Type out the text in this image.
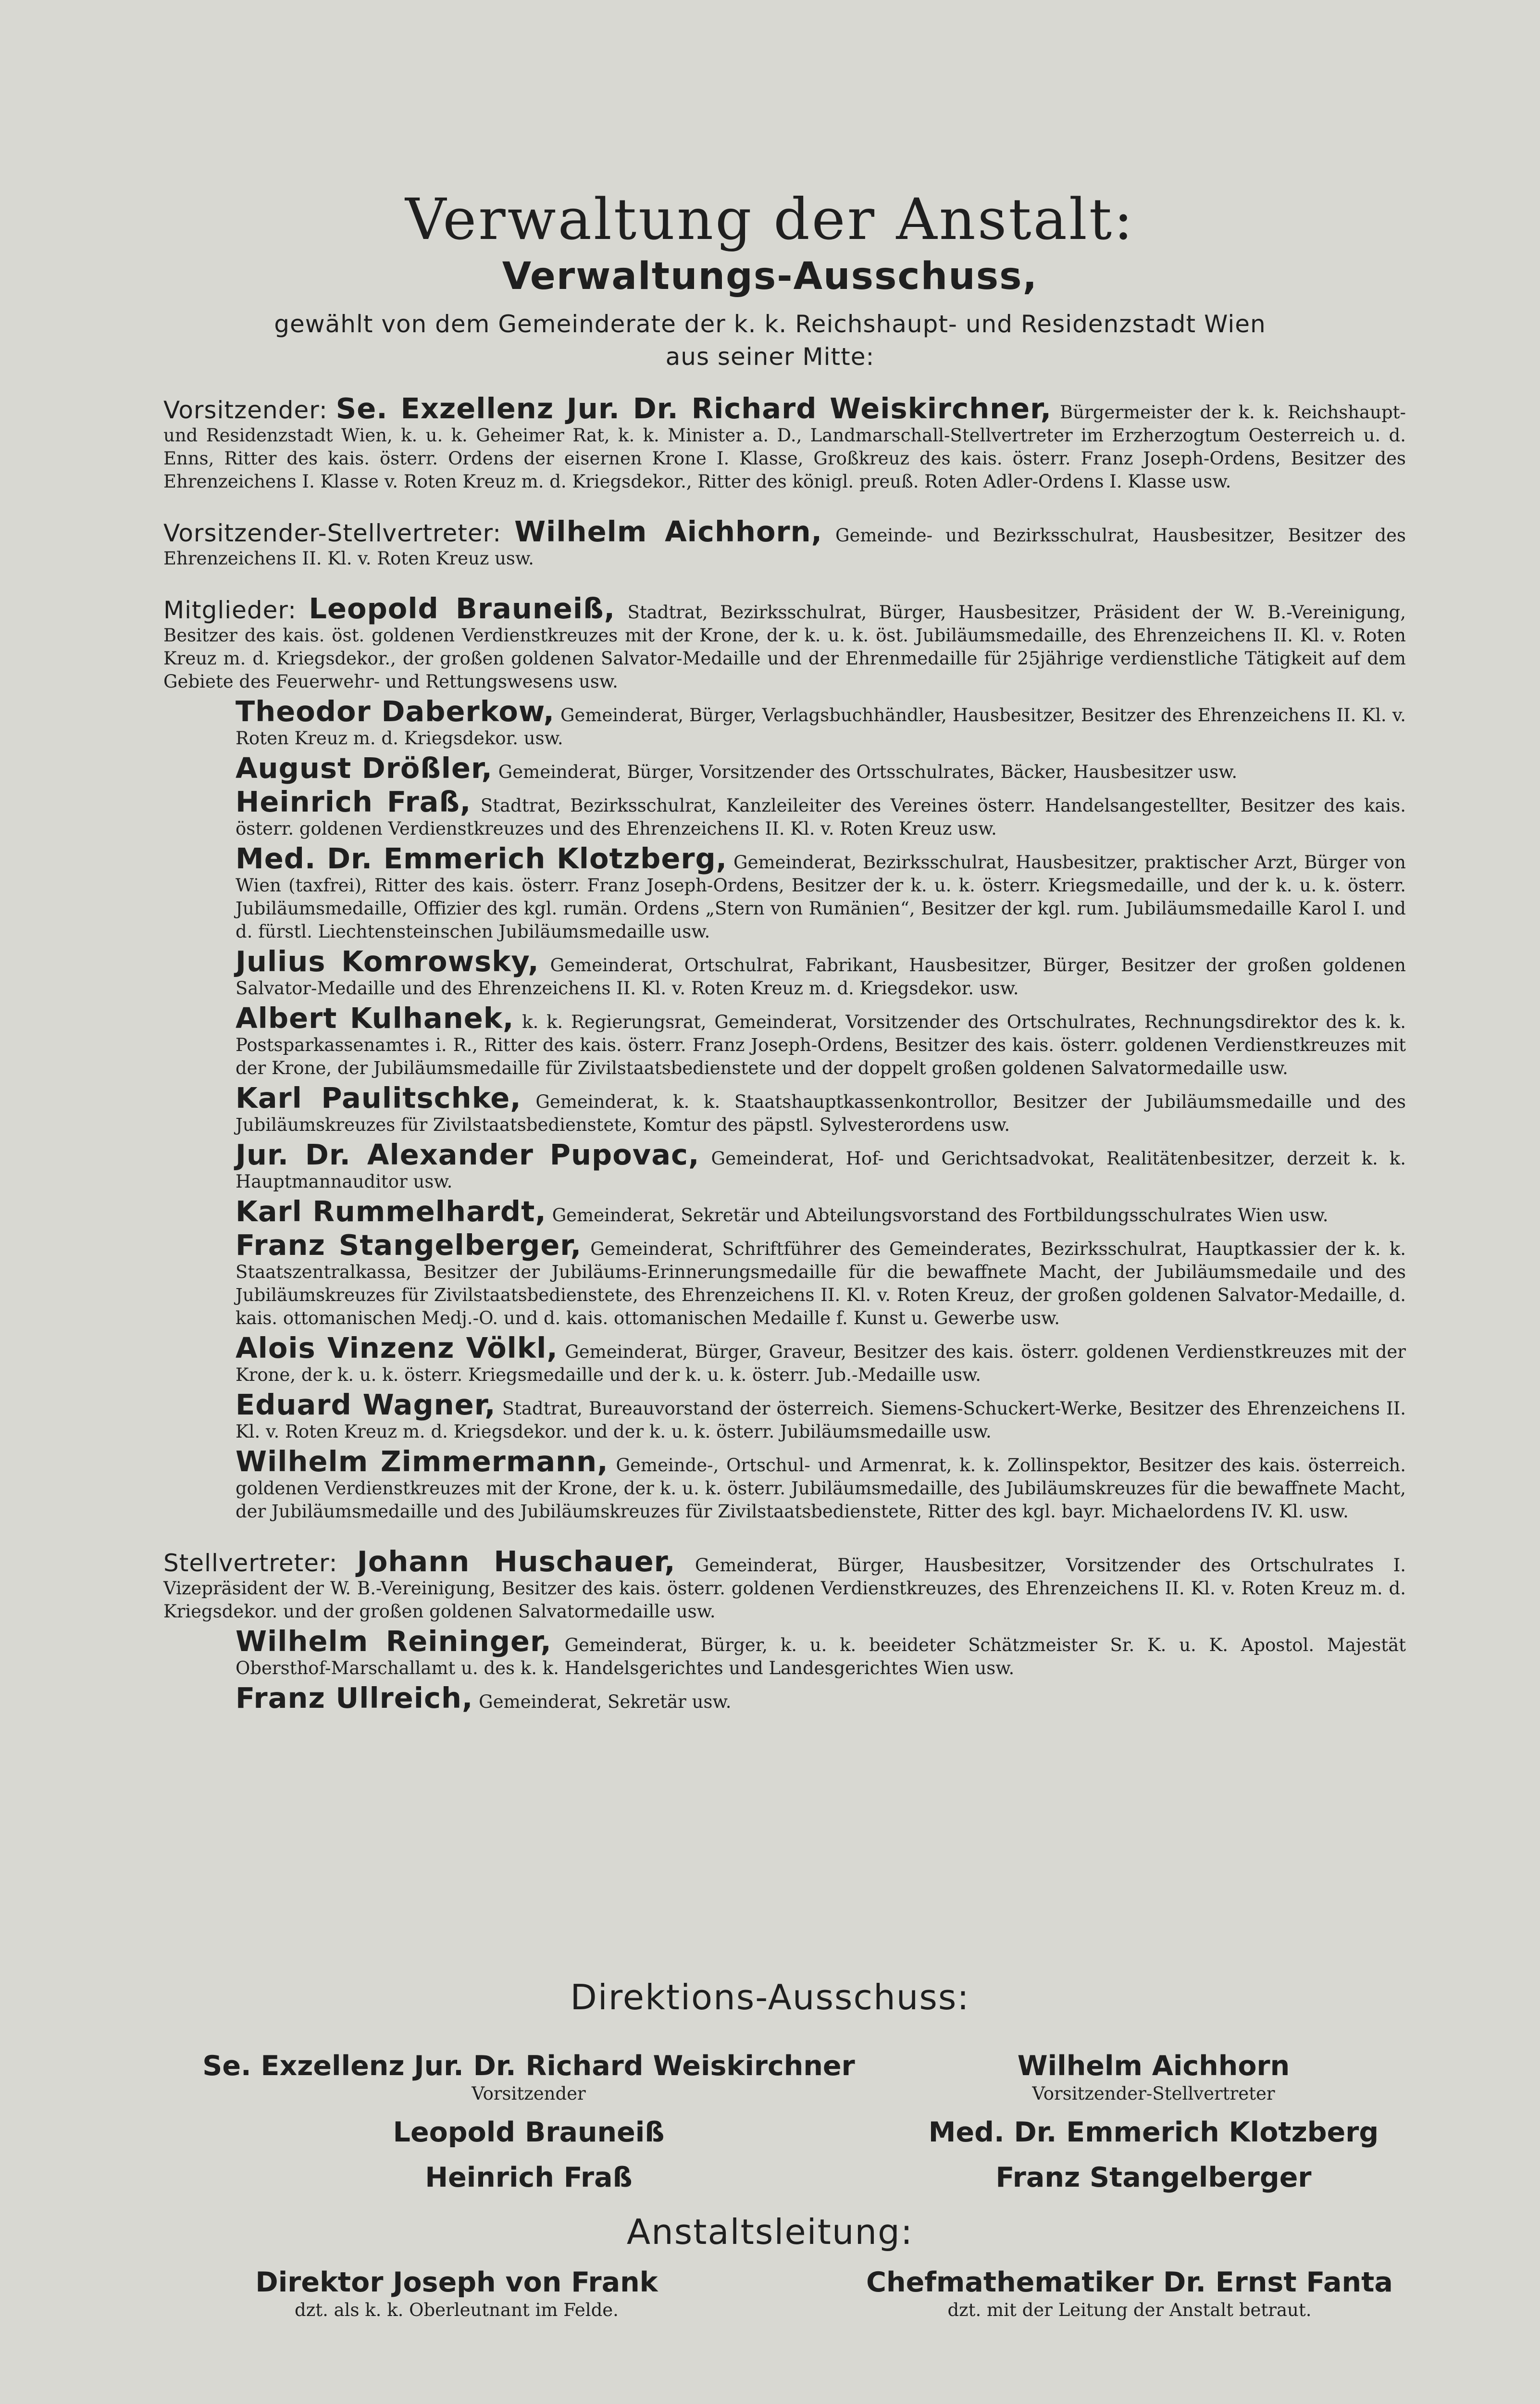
Verwaltung der Anstalt:
Verwaltungs-Ausschuss,
gewählt von dem Gemeinderate der k. k. Reichshaupt- und Residenzstadt Wien
aus seiner Mitte:

Vorsitzender: Se. Exzellenz Jur. Dr. Richard Weiskirchner, Bürgermeister der k. k. Reichshaupt- und Residenzstadt Wien, k. u. k. Geheimer Rat, k. k. Minister a. D., Landmarschall-Stellvertreter im Erzherzogtum Oesterreich u. d. Enns, Ritter des kais. österr. Ordens der eisernen Krone I. Klasse, Großkreuz des kais. österr. Franz Joseph-Ordens, Besitzer des Ehrenzeichens I. Klasse v. Roten Kreuz m. d. Kriegsdekor., Ritter des königl. preuß. Roten Adler-Ordens I. Klasse usw.

Vorsitzender-Stellvertreter: Wilhelm Aichhorn, Gemeinde- und Bezirksschulrat, Hausbesitzer, Besitzer des Ehrenzeichens II. Kl. v. Roten Kreuz usw.

Mitglieder: Leopold Brauneiß, Stadtrat, Bezirksschulrat, Bürger, Hausbesitzer, Präsident der W. B.-Vereinigung, Besitzer des kais. öst. goldenen Verdienstkreuzes mit der Krone, der k. u. k. öst. Jubiläumsmedaille, des Ehrenzeichens II. Kl. v. Roten Kreuz m. d. Kriegsdekor., der großen goldenen Salvator-Medaille und der Ehrenmedaille für 25jährige verdienstliche Tätigkeit auf dem Gebiete des Feuerwehr- und Rettungswesens usw.

Theodor Daberkow, Gemeinderat, Bürger, Verlagsbuchhändler, Hausbesitzer, Besitzer des Ehrenzeichens II. Kl. v. Roten Kreuz m. d. Kriegsdekor. usw.

August Drößler, Gemeinderat, Bürger, Vorsitzender des Ortsschulrates, Bäcker, Hausbesitzer usw.

Heinrich Fraß, Stadtrat, Bezirksschulrat, Kanzleileiter des Vereines österr. Handelsangestellter, Besitzer des kais. österr. goldenen Verdienstkreuzes und des Ehrenzeichens II. Kl. v. Roten Kreuz usw.

Med. Dr. Emmerich Klotzberg, Gemeinderat, Bezirksschulrat, Hausbesitzer, praktischer Arzt, Bürger von Wien (taxfrei), Ritter des kais. österr. Franz Joseph-Ordens, Besitzer der k. u. k. österr. Kriegsmedaille, und der k. u. k. österr. Jubiläumsmedaille, Offizier des kgl. rumän. Ordens „Stern von Rumänien“, Besitzer der kgl. rum. Jubiläumsmedaille Karol I. und d. fürstl. Liechtensteinschen Jubiläumsmedaille usw.

Julius Komrowsky, Gemeinderat, Ortschulrat, Fabrikant, Hausbesitzer, Bürger, Besitzer der großen goldenen Salvator-Medaille und des Ehrenzeichens II. Kl. v. Roten Kreuz m. d. Kriegsdekor. usw.

Albert Kulhanek, k. k. Regierungsrat, Gemeinderat, Vorsitzender des Ortschulrates, Rechnungsdirektor des k. k. Postsparkassenamtes i. R., Ritter des kais. österr. Franz Joseph-Ordens, Besitzer des kais. österr. goldenen Verdienstkreuzes mit der Krone, der Jubiläumsmedaille für Zivilstaatsbedienstete und der doppelt großen goldenen Salvatormedaille usw.

Karl Paulitschke, Gemeinderat, k. k. Staatshauptkassenkontrollor, Besitzer der Jubiläumsmedaille und des Jubiläumskreuzes für Zivilstaatsbedienstete, Komtur des päpstl. Sylvesterordens usw.

Jur. Dr. Alexander Pupovac, Gemeinderat, Hof- und Gerichtsadvokat, Realitätenbesitzer, derzeit k. k. Hauptmannauditor usw.

Karl Rummelhardt, Gemeinderat, Sekretär und Abteilungsvorstand des Fortbildungsschulrates Wien usw.

Franz Stangelberger, Gemeinderat, Schriftführer des Gemeinderates, Bezirksschulrat, Hauptkassier der k. k. Staatszentralkassa, Besitzer der Jubiläums-Erinnerungsmedaille für die bewaffnete Macht, der Jubiläumsmedaile und des Jubiläumskreuzes für Zivilstaatsbedienstete, des Ehrenzeichens II. Kl. v. Roten Kreuz, der großen goldenen Salvator-Medaille, d. kais. ottomanischen Medj.-O. und d. kais. ottomanischen Medaille f. Kunst u. Gewerbe usw.

Alois Vinzenz Völkl, Gemeinderat, Bürger, Graveur, Besitzer des kais. österr. goldenen Verdienstkreuzes mit der Krone, der k. u. k. österr. Kriegsmedaille und der k. u. k. österr. Jub.-Medaille usw.

Eduard Wagner, Stadtrat, Bureauvorstand der österreich. Siemens-Schuckert-Werke, Besitzer des Ehrenzeichens II. Kl. v. Roten Kreuz m. d. Kriegsdekor. und der k. u. k. österr. Jubiläumsmedaille usw.

Wilhelm Zimmermann, Gemeinde-, Ortschul- und Armenrat, k. k. Zollinspektor, Besitzer des kais. österreich. goldenen Verdienstkreuzes mit der Krone, der k. u. k. österr. Jubiläumsmedaille, des Jubiläumskreuzes für die bewaffnete Macht, der Jubiläumsmedaille und des Jubiläumskreuzes für Zivilstaatsbedienstete, Ritter des kgl. bayr. Michaelordens IV. Kl. usw.

Stellvertreter: Johann Huschauer, Gemeinderat, Bürger, Hausbesitzer, Vorsitzender des Ortschulrates I. Vizepräsident der W. B.-Vereinigung, Besitzer des kais. österr. goldenen Verdienstkreuzes, des Ehrenzeichens II. Kl. v. Roten Kreuz m. d. Kriegsdekor. und der großen goldenen Salvatormedaille usw.

Wilhelm Reininger, Gemeinderat, Bürger, k. u. k. beeideter Schätzmeister Sr. K. u. K. Apostol. Majestät Obersthof-Marschallamt u. des k. k. Handelsgerichtes und Landesgerichtes Wien usw.

Franz Ullreich, Gemeinderat, Sekretär usw.

Direktions-Ausschuss:
Se. Exzellenz Jur. Dr. Richard Weiskirchner
Vorsitzender
Wilhelm Aichhorn
Vorsitzender-Stellvertreter
Leopold Brauneiß	Med. Dr. Emmerich Klotzberg
Heinrich Fraß	Franz Stangelberger
Anstaltsleitung:
Direktor Joseph von Frank
dzt. als k. k. Oberleutnant im Felde.
Chefmathematiker Dr. Ernst Fanta
dzt. mit der Leitung der Anstalt betraut.
